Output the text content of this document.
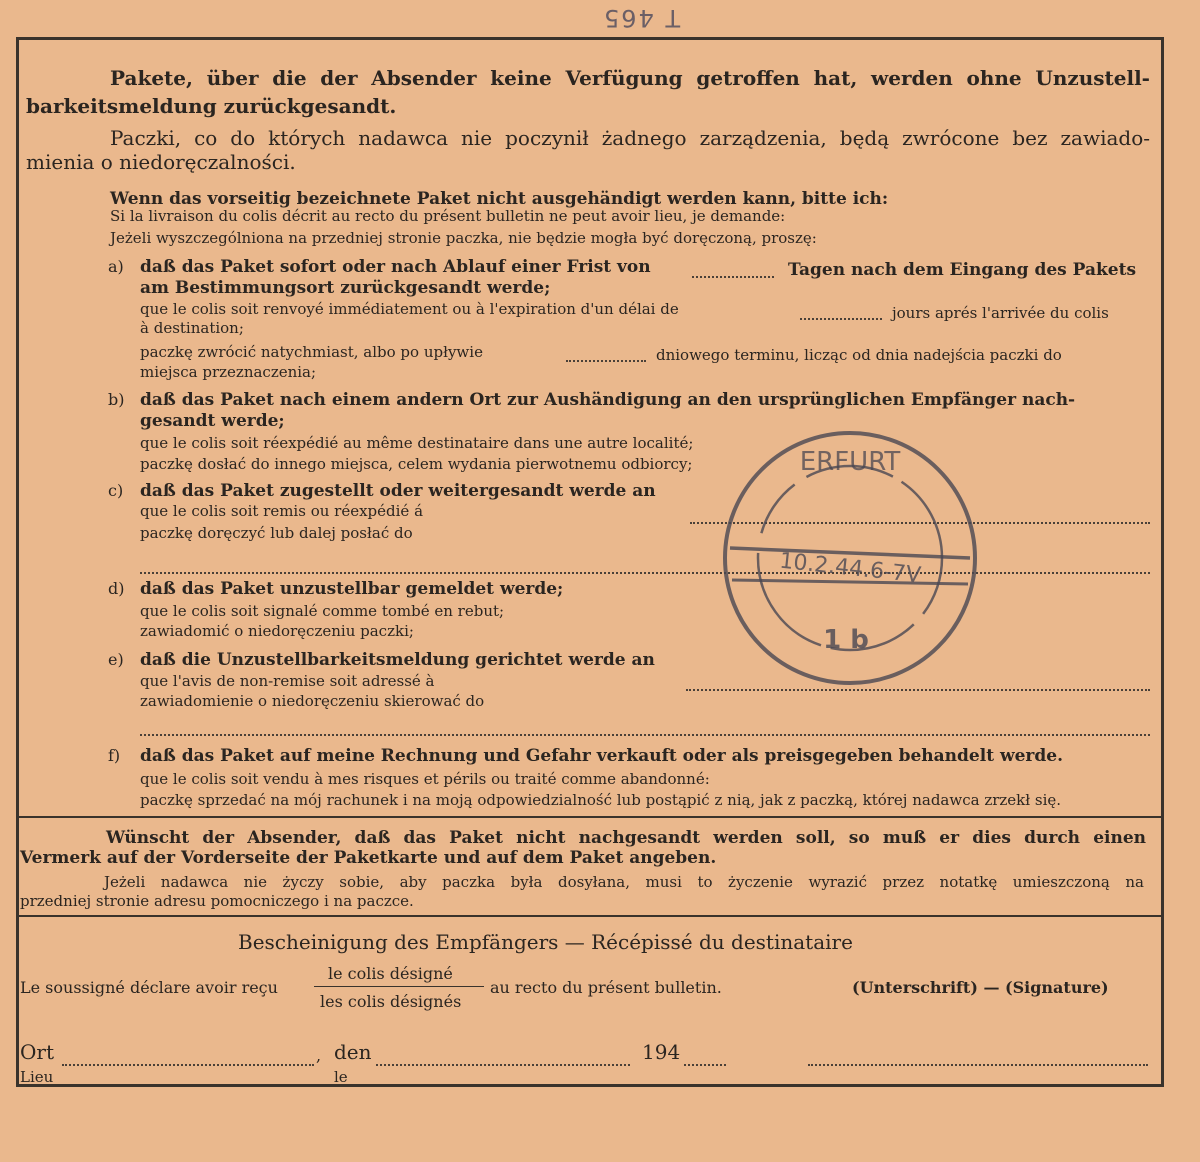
T 465
Pakete, über die der Absender keine Verfügung getroffen hat, werden ohne Unzustell-
barkeitsmeldung zurückgesandt.
Paczki, co do których nadawca nie poczynił żadnego zarządzenia, będą zwrócone bez zawiado-
mienia o niedoręczalności.
Wenn das vorseitig bezeichnete Paket nicht ausgehändigt werden kann, bitte ich:
Si la livraison du colis décrit au recto du présent bulletin ne peut avoir lieu, je demande:
Jeżeli wyszczególniona na przedniej stronie paczka, nie będzie mogła być doręczoną, proszę:
a) daß das Paket sofort oder nach Ablauf einer Frist von	Tagen nach dem Eingang des Pakets
am Bestimmungsort zurückgesandt werde;
que le colis soit renvoyé immédiatement ou à l'expiration d'un délai de	jours aprés l'arrivée du colis
à destination;
paczkę zwrócić natychmiast, albo po upływie	dniowego terminu, licząc od dnia nadejścia paczki do
miejsca przeznaczenia;
b) daß das Paket nach einem andern Ort zur Aushändigung an den ursprünglichen Empfänger nach-
gesandt werde;
que le colis soit réexpédié au même destinataire dans une autre localité;
paczkę dosłać do innego miejsca, celem wydania pierwotnemu odbiorcy;
c) daß das Paket zugestellt oder weitergesandt werde an
que le colis soit remis ou réexpédié á
paczkę doręczyć lub dalej posłać do
d) daß das Paket unzustellbar gemeldet werde;
que le colis soit signalé comme tombé en rebut;
zawiadomić o niedoręczeniu paczki;
e) daß die Unzustellbarkeitsmeldung gerichtet werde an
que l'avis de non-remise soit adressé à
zawiadomienie o niedoręczeniu skierować do
f) daß das Paket auf meine Rechnung und Gefahr verkauft oder als preisgegeben behandelt werde.
que le colis soit vendu à mes risques et périls ou traité comme abandonné:
paczkę sprzedać na mój rachunek i na moją odpowiedzialność lub postąpić z nią, jak z paczką, której nadawca zrzekł się.
Wünscht der Absender, daß das Paket nicht nachgesandt werden soll, so muß er dies durch einen
Vermerk auf der Vorderseite der Paketkarte und auf dem Paket angeben.
Jeżeli nadawca nie życzy sobie, aby paczka była dosyłana, musi to życzenie wyrazić przez notatkę umieszczoną na
przedniej stronie adresu pomocniczego i na paczce.
Bescheinigung des Empfängers — Récépissé du destinataire
Le soussigné déclare avoir reçu
le colis désigné
les colis désignés
au recto du présent bulletin.	(Unterschrift) — (Signature)
Ort
Lieu
, den
le
194
ERFURT
10.2.44.6-7V
1 b
